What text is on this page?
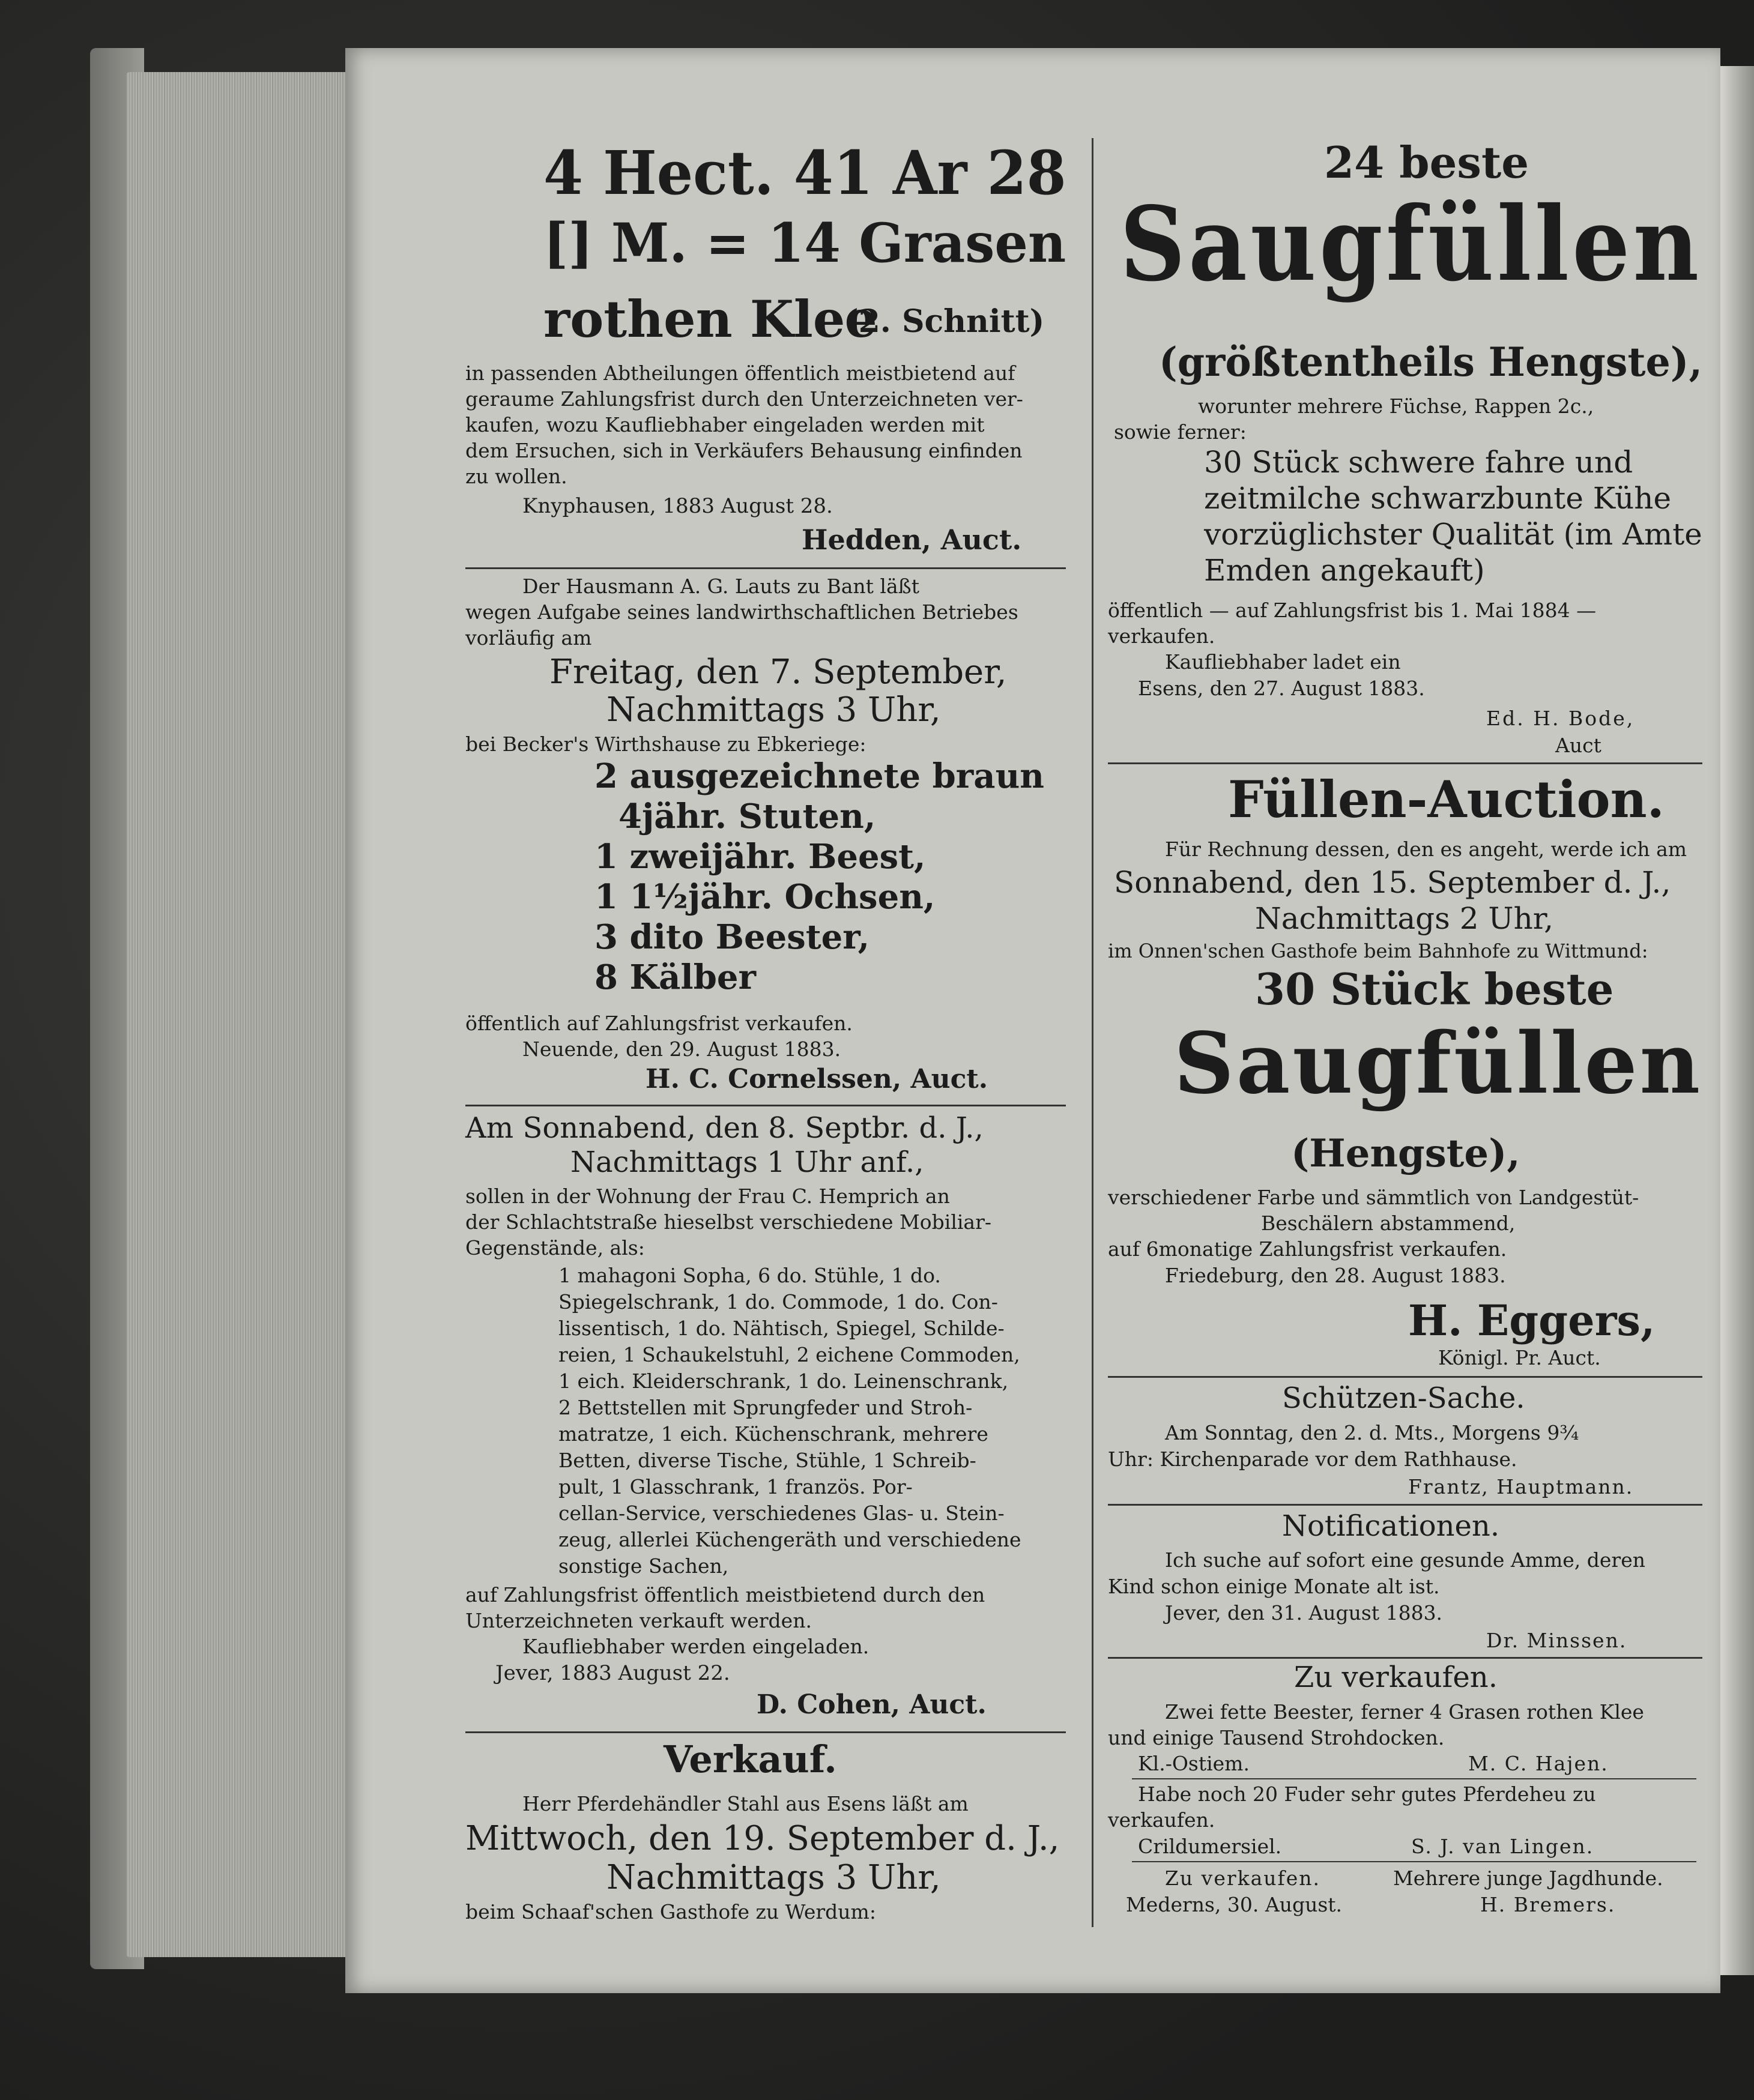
4 Hect. 41 Ar 28
[] M. = 14 Grasen
rothen Klee
(2. Schnitt)
in passenden Abtheilungen öffentlich meistbietend auf
geraume Zahlungsfrist durch den Unterzeichneten ver-
kaufen, wozu Kaufliebhaber eingeladen werden mit
dem Ersuchen, sich in Verkäufers Behausung einfinden
zu wollen.
Knyphausen, 1883 August 28.
Hedden, Auct.
Der Hausmann A. G. Lauts zu Bant läßt
wegen Aufgabe seines landwirthschaftlichen Betriebes
vorläufig am
Freitag, den 7. September,
Nachmittags 3 Uhr,
bei Becker's Wirthshause zu Ebkeriege:
2 ausgezeichnete braun
4jähr. Stuten,
1 zweijähr. Beest,
1 1½jähr. Ochsen,
3 dito Beester,
8 Kälber
öffentlich auf Zahlungsfrist verkaufen.
Neuende, den 29. August 1883.
H. C. Cornelssen, Auct.
Am Sonnabend, den 8. Septbr. d. J.,
Nachmittags 1 Uhr anf.,
sollen in der Wohnung der Frau C. Hemprich an
der Schlachtstraße hieselbst verschiedene Mobiliar-
Gegenstände, als:
1 mahagoni Sopha, 6 do. Stühle, 1 do.
Spiegelschrank, 1 do. Commode, 1 do. Con-
lissentisch, 1 do. Nähtisch, Spiegel, Schilde-
reien, 1 Schaukelstuhl, 2 eichene Commoden,
1 eich. Kleiderschrank, 1 do. Leinenschrank,
2 Bettstellen mit Sprungfeder und Stroh-
matratze, 1 eich. Küchenschrank, mehrere
Betten, diverse Tische, Stühle, 1 Schreib-
pult, 1 Glasschrank, 1 französ. Por-
cellan-Service, verschiedenes Glas- u. Stein-
zeug, allerlei Küchengeräth und verschiedene
sonstige Sachen,
auf Zahlungsfrist öffentlich meistbietend durch den
Unterzeichneten verkauft werden.
Kaufliebhaber werden eingeladen.
Jever, 1883 August 22.
D. Cohen, Auct.
Verkauf.
Herr Pferdehändler Stahl aus Esens läßt am
Mittwoch, den 19. September d. J.,
Nachmittags 3 Uhr,
beim Schaaf'schen Gasthofe zu Werdum:
24 beste
Saugfüllen
(größtentheils Hengste),
worunter mehrere Füchse, Rappen 2c.,
sowie ferner:
30 Stück schwere fahre und
zeitmilche schwarzbunte Kühe
vorzüglichster Qualität (im Amte
Emden angekauft)
öffentlich — auf Zahlungsfrist bis 1. Mai 1884 —
verkaufen.
Kaufliebhaber ladet ein
Esens, den 27. August 1883.
Ed. H. Bode,
Auct
Füllen-Auction.
Für Rechnung dessen, den es angeht, werde ich am
Sonnabend, den 15. September d. J.,
Nachmittags 2 Uhr,
im Onnen'schen Gasthofe beim Bahnhofe zu Wittmund:
30 Stück beste
Saugfüllen
(Hengste),
verschiedener Farbe und sämmtlich von Landgestüt-
Beschälern abstammend,
auf 6monatige Zahlungsfrist verkaufen.
Friedeburg, den 28. August 1883.
H. Eggers,
Königl. Pr. Auct.
Schützen-Sache.
Am Sonntag, den 2. d. Mts., Morgens 9¾
Uhr: Kirchenparade vor dem Rathhause.
Frantz, Hauptmann.
Notificationen.
Ich suche auf sofort eine gesunde Amme, deren
Kind schon einige Monate alt ist.
Jever, den 31. August 1883.
Dr. Minssen.
Zu verkaufen.
Zwei fette Beester, ferner 4 Grasen rothen Klee
und einige Tausend Strohdocken.
Kl.-Ostiem.	M. C. Hajen.
Habe noch 20 Fuder sehr gutes Pferdeheu zu
verkaufen.
Crildumersiel.	S. J. van Lingen.
Zu verkaufen.	Mehrere junge Jagdhunde.
Mederns, 30. August.	H. Bremers.
